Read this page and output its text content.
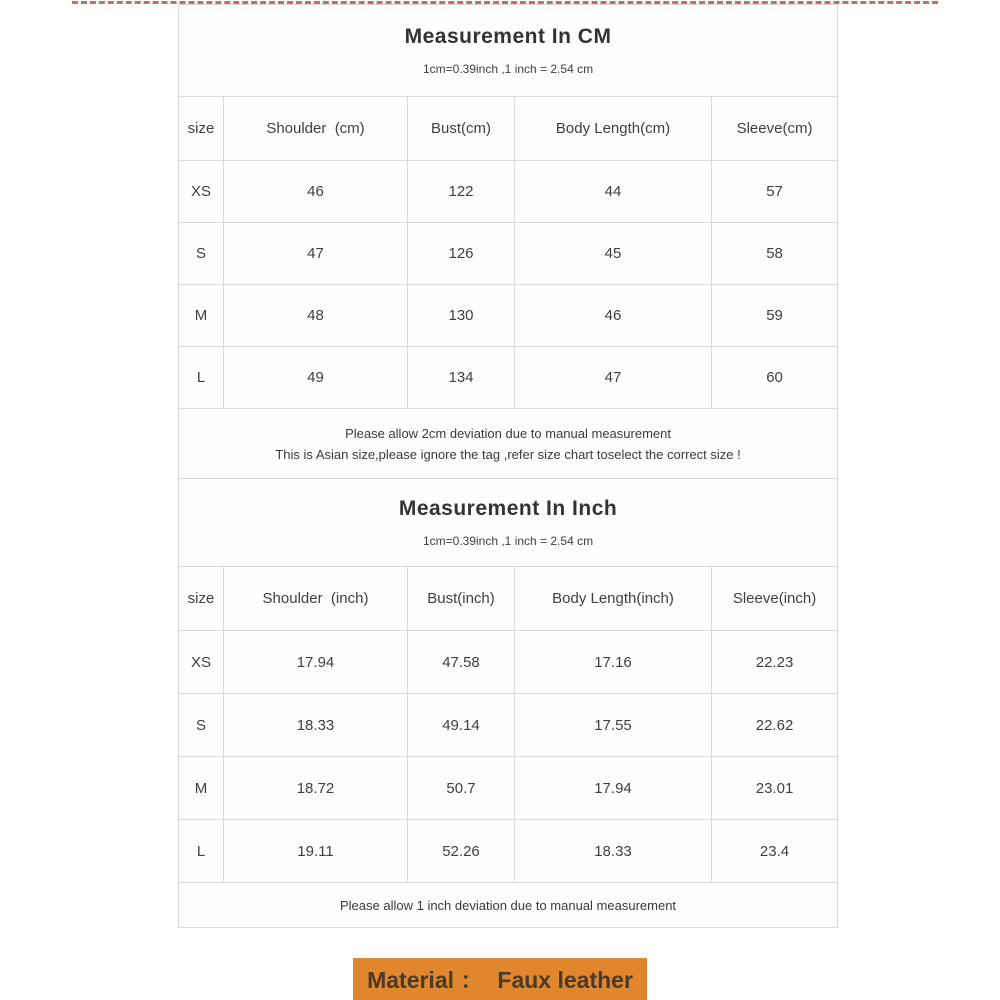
Measurement In CM
1cm=0.39inch ,1 inch = 2.54 cm				

size	Shoulder  (cm)	Bust(cm)	Body Length(cm)	Sleeve(cm)
XS	46	122	44	57
S	47	126	45	58
M	48	130	46	59
L	49	134	47	60

Please allow 2cm deviation due to manual measurement
This is Asian size,please ignore the tag ,refer size chart toselect the correct size !				

Measurement In Inch
1cm=0.39inch ,1 inch = 2.54 cm				

size	Shoulder  (inch)	Bust(inch)	Body Length(inch)	Sleeve(inch)
XS	17.94	47.58	17.16	22.23
S	18.33	49.14	17.55	22.62
M	18.72	50.7	17.94	23.01
L	19.11	52.26	18.33	23.4

Please allow 1 inch deviation due to manual measurement				
Material ： Faux leather
